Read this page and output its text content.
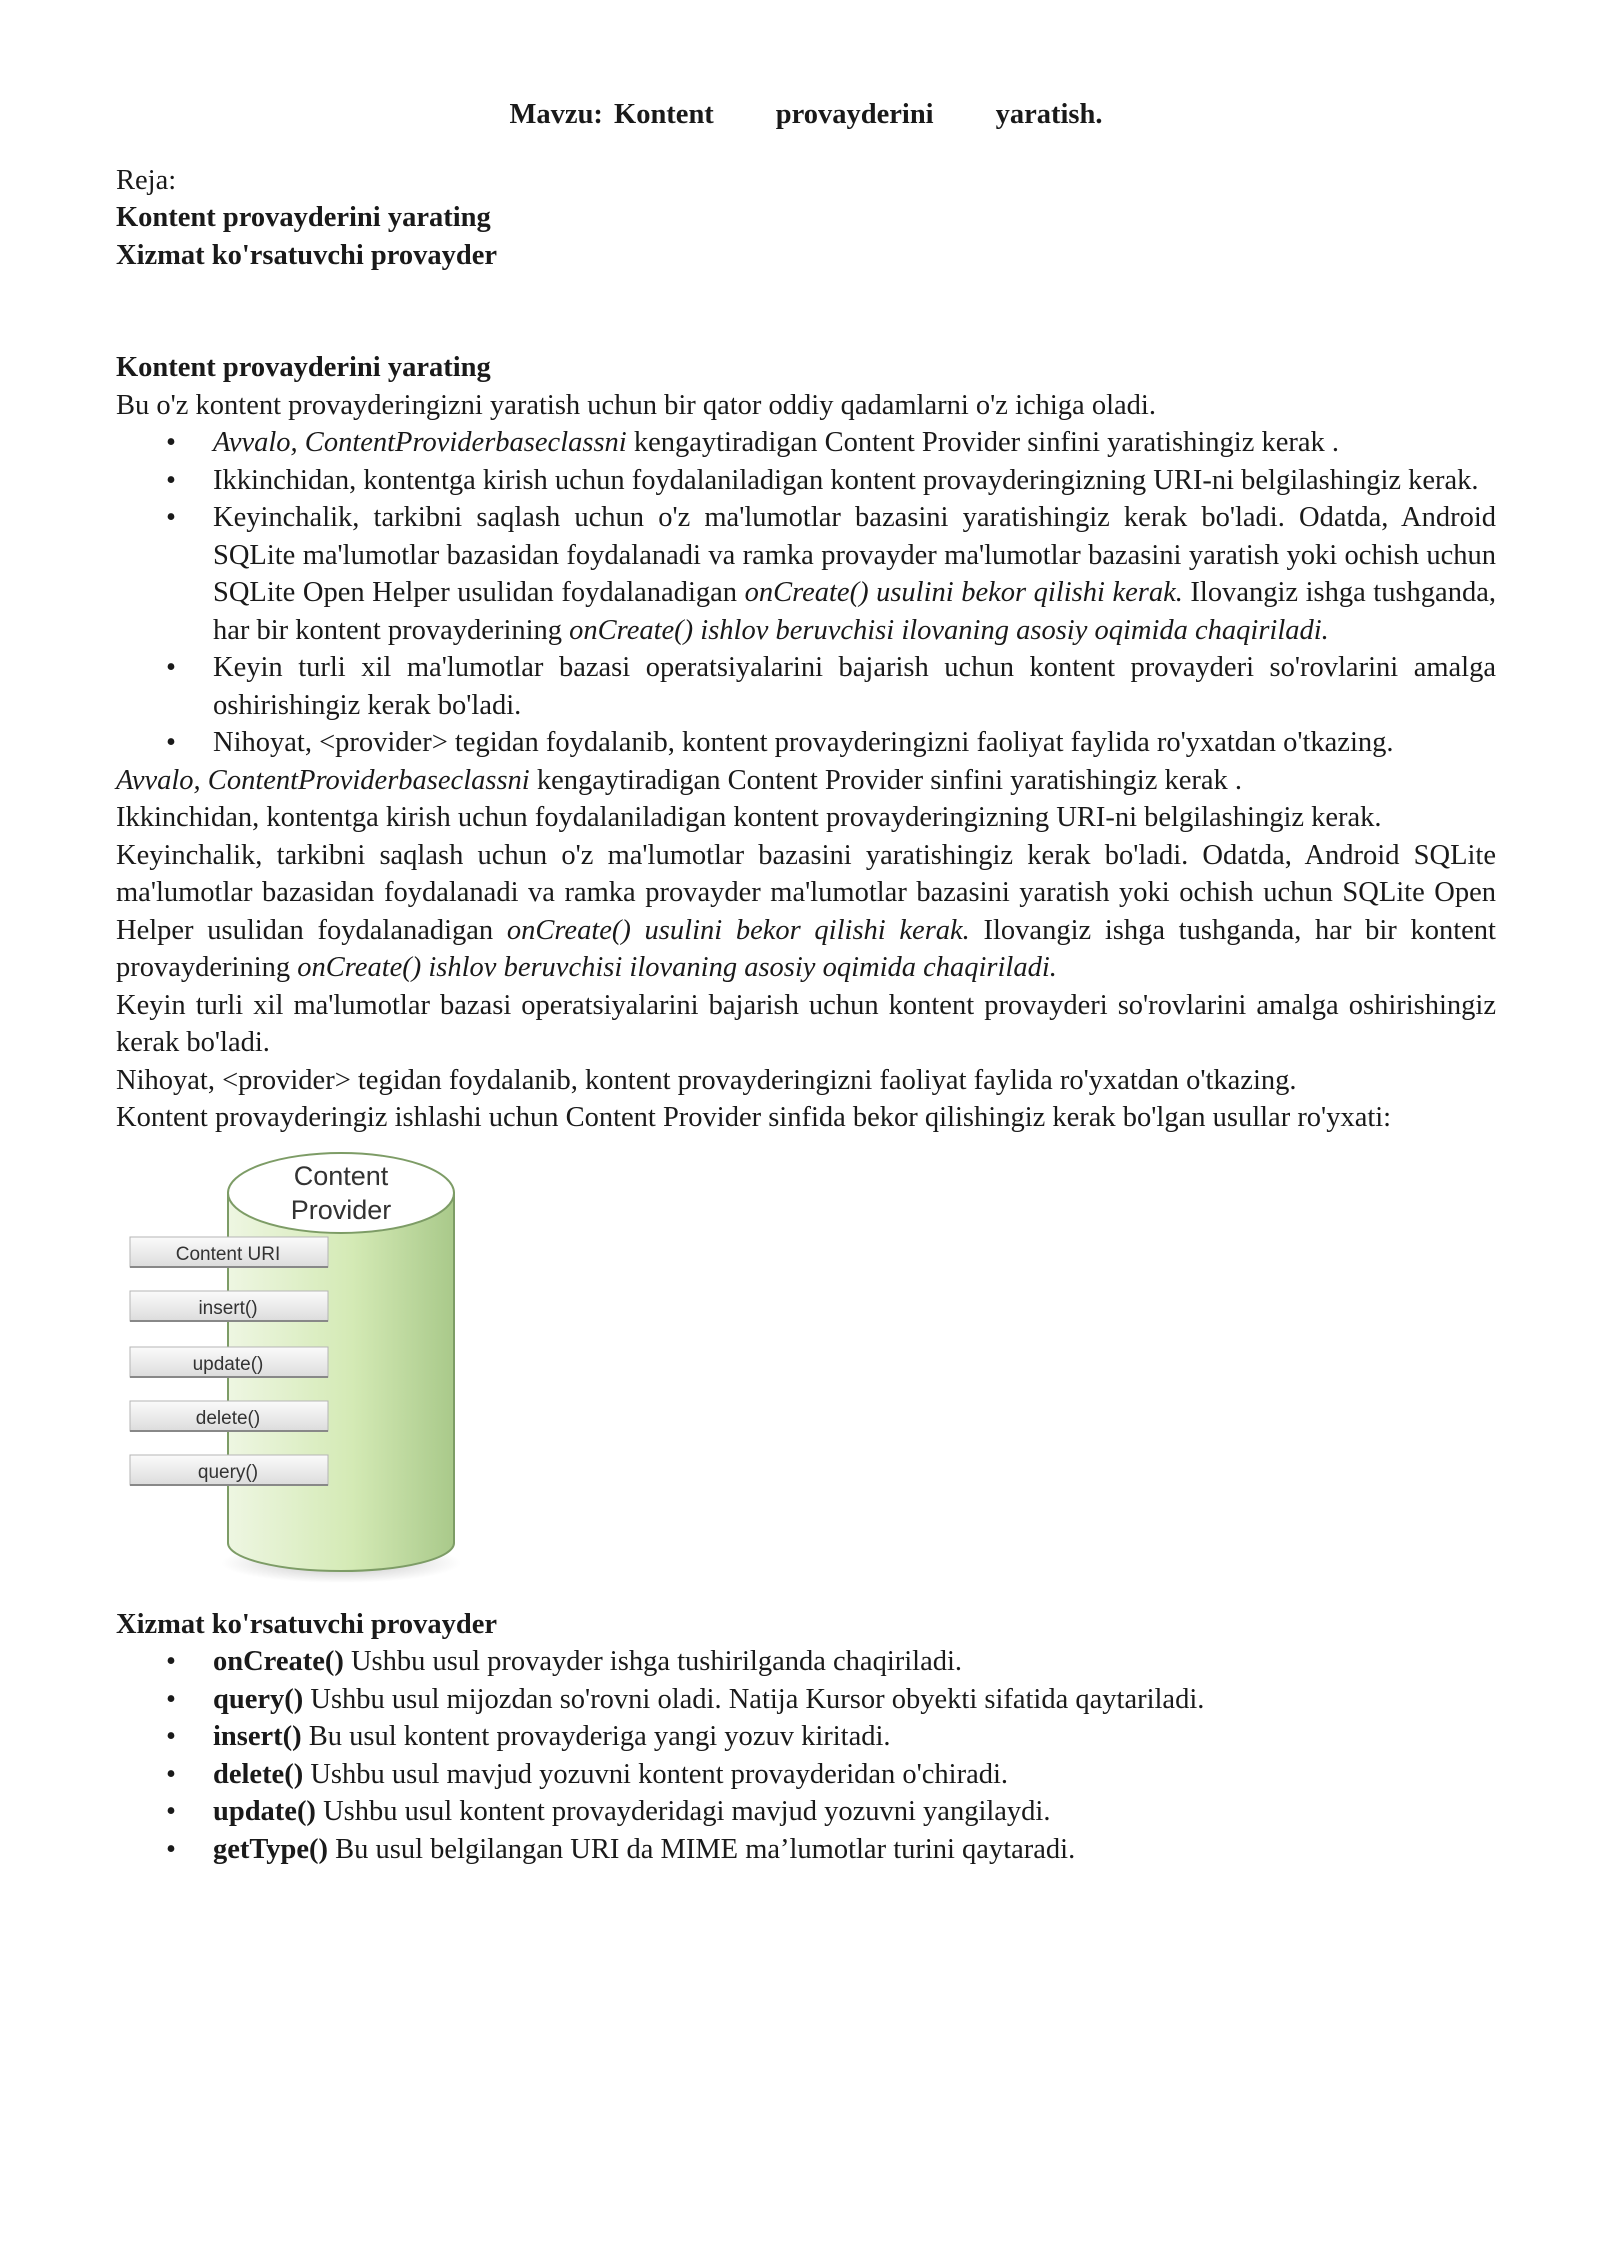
Mavzu: Kontent provayderini yaratish.

Reja:

Kontent provayderini yarating

Xizmat ko'rsatuvchi provayder

Kontent provayderini yarating

Bu o'z kontent provayderingizni yaratish uchun bir qator oddiy qadamlarni o'z ichiga oladi.

• Avvalo, ContentProviderbaseclassni kengaytiradigan Content Provider sinfini yaratishingiz kerak .
• Ikkinchidan, kontentga kirish uchun foydalaniladigan kontent provayderingizning URI-ni belgilashingiz kerak.
• Keyinchalik, tarkibni saqlash uchun o'z ma'lumotlar bazasini yaratishingiz kerak bo'ladi. Odatda, Android SQLite ma'lumotlar bazasidan foydalanadi va ramka provayder ma'lumotlar bazasini yaratish yoki ochish uchun SQLite Open Helper usulidan foydalanadigan onCreate() usulini bekor qilishi kerak. Ilovangiz ishga tushganda, har bir kontent provayderining onCreate() ishlov beruvchisi ilovaning asosiy oqimida chaqiriladi.
• Keyin turli xil ma'lumotlar bazasi operatsiyalarini bajarish uchun kontent provayderi so'rovlarini amalga oshirishingiz kerak bo'ladi.
• Nihoyat, <provider> tegidan foydalanib, kontent provayderingizni faoliyat faylida ro'yxatdan o'tkazing.

Avvalo, ContentProviderbaseclassni kengaytiradigan Content Provider sinfini yaratishingiz kerak .

Ikkinchidan, kontentga kirish uchun foydalaniladigan kontent provayderingizning URI-ni belgilashingiz kerak.

Keyinchalik, tarkibni saqlash uchun o'z ma'lumotlar bazasini yaratishingiz kerak bo'ladi. Odatda, Android SQLite ma'lumotlar bazasidan foydalanadi va ramka provayder ma'lumotlar bazasini yaratish yoki ochish uchun SQLite Open Helper usulidan foydalanadigan onCreate() usulini bekor qilishi kerak. Ilovangiz ishga tushganda, har bir kontent provayderining onCreate() ishlov beruvchisi ilovaning asosiy oqimida chaqiriladi.

Keyin turli xil ma'lumotlar bazasi operatsiyalarini bajarish uchun kontent provayderi so'rovlarini amalga oshirishingiz kerak bo'ladi.

Nihoyat, <provider> tegidan foydalanib, kontent provayderingizni faoliyat faylida ro'yxatdan o'tkazing.

Kontent provayderingiz ishlashi uchun Content Provider sinfida bekor qilishingiz kerak bo'lgan usullar ro'yxati:

Content
Provider
Content URI
insert()
update()
delete()
query()

Xizmat ko'rsatuvchi provayder

• onCreate() Ushbu usul provayder ishga tushirilganda chaqiriladi.
• query() Ushbu usul mijozdan so'rovni oladi. Natija Kursor obyekti sifatida qaytariladi.
• insert() Bu usul kontent provayderiga yangi yozuv kiritadi.
• delete() Ushbu usul mavjud yozuvni kontent provayderidan o'chiradi.
• update() Ushbu usul kontent provayderidagi mavjud yozuvni yangilaydi.
• getType() Bu usul belgilangan URI da MIME ma’lumotlar turini qaytaradi.
